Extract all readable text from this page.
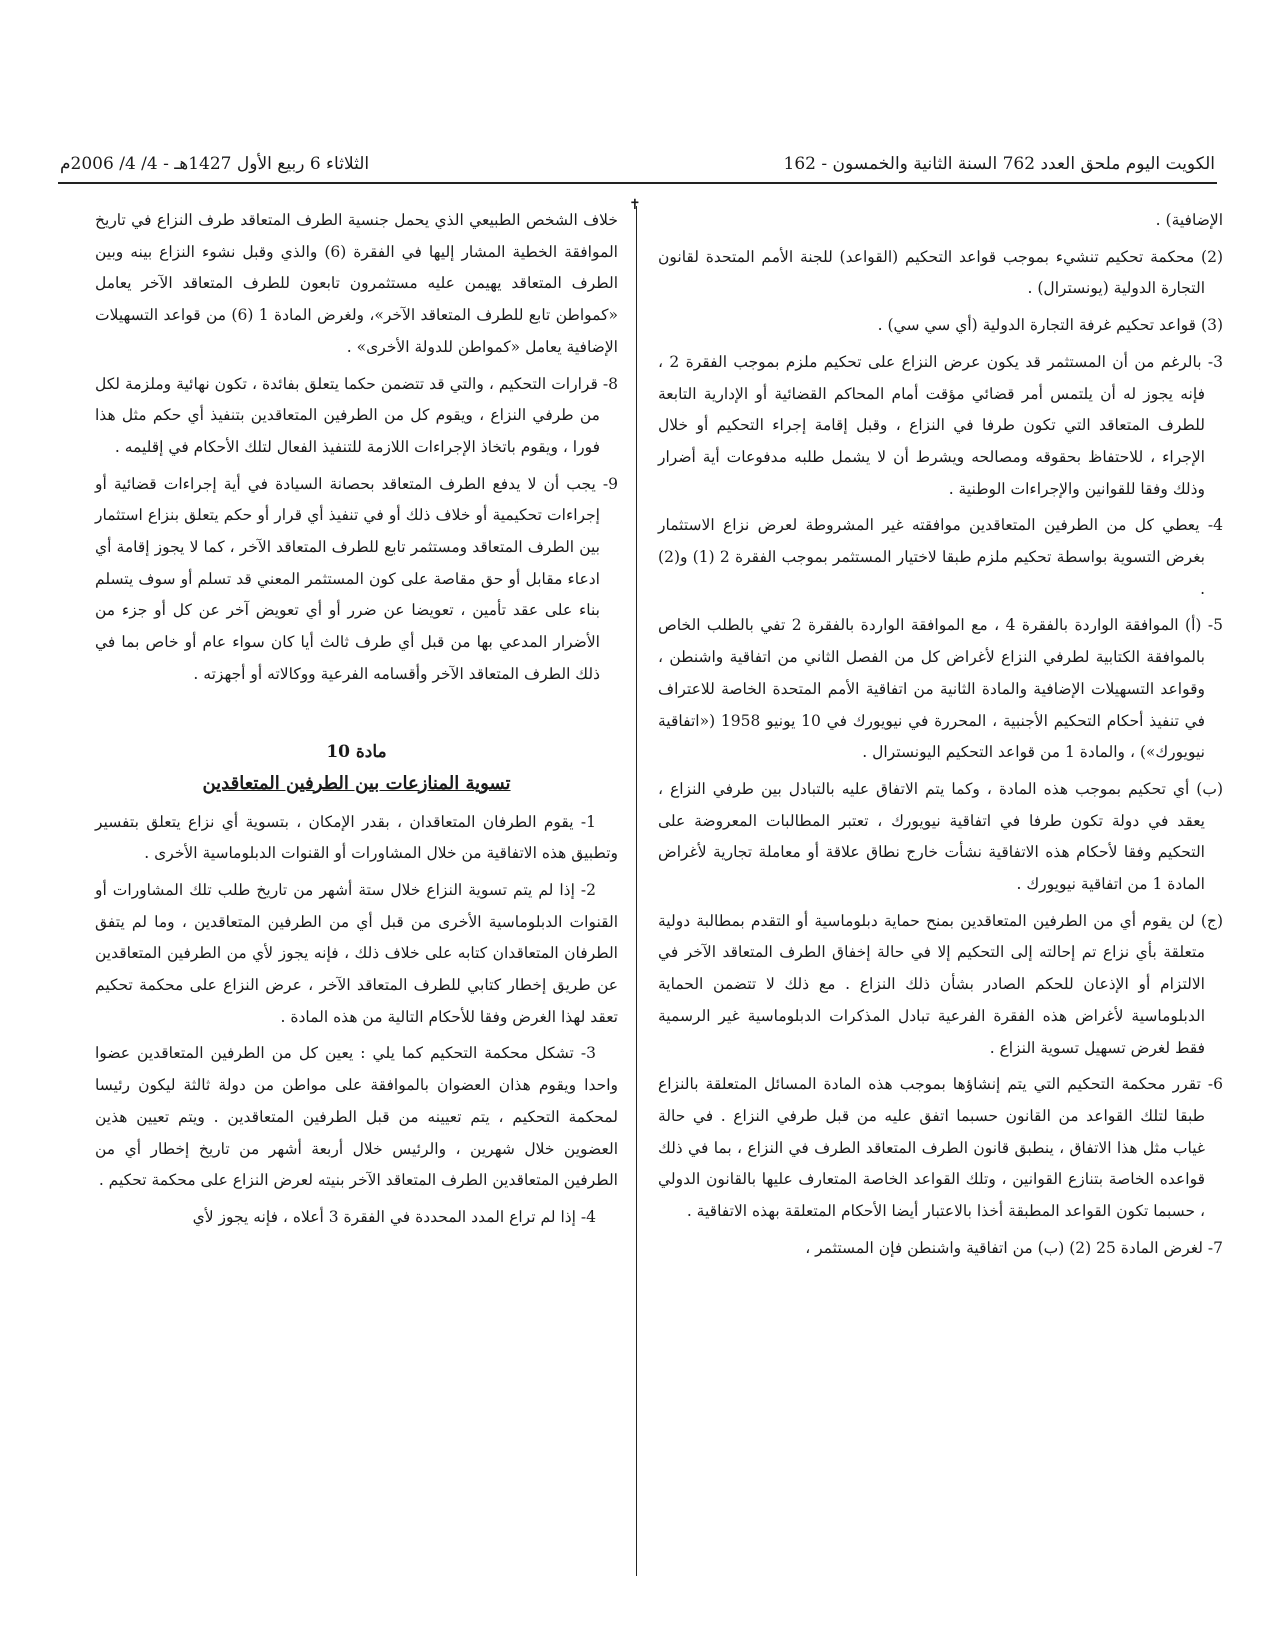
الكويت اليوم ملحق العدد 762 السنة الثانية والخمسون - 162
الثلاثاء 6 ربيع الأول 1427هـ - 4/ 4/ 2006م
✝
الإضافية) .
(2) محكمة تحكيم تنشيء بموجب قواعد التحكيم (القواعد) للجنة الأمم المتحدة لقانون التجارة الدولية (يونسترال) .
(3) قواعد تحكيم غرفة التجارة الدولية (أي سي سي) .
3- بالرغم من أن المستثمر قد يكون عرض النزاع على تحكيم ملزم بموجب الفقرة 2 ، فإنه يجوز له أن يلتمس أمر قضائي مؤقت أمام المحاكم القضائية أو الإدارية التابعة للطرف المتعاقد التي تكون طرفا في النزاع ، وقبل إقامة إجراء التحكيم أو خلال الإجراء ، للاحتفاظ بحقوقه ومصالحه ويشرط أن لا يشمل طلبه مدفوعات أية أضرار وذلك وفقا للقوانين والإجراءات الوطنية .
4- يعطي كل من الطرفين المتعاقدين موافقته غير المشروطة لعرض نزاع الاستثمار بغرض التسوية بواسطة تحكيم ملزم طبقا لاختيار المستثمر بموجب الفقرة 2 (1) و(2) .
5- (أ) الموافقة الواردة بالفقرة 4 ، مع الموافقة الواردة بالفقرة 2 تفي بالطلب الخاص بالموافقة الكتابية لطرفي النزاع لأغراض كل من الفصل الثاني من اتفاقية واشنطن ، وقواعد التسهيلات الإضافية والمادة الثانية من اتفاقية الأمم المتحدة الخاصة للاعتراف في تنفيذ أحكام التحكيم الأجنبية ، المحررة في نيويورك في 10 يونيو 1958 («اتفاقية نيويورك») ، والمادة 1 من قواعد التحكيم اليونسترال .
(ب) أي تحكيم بموجب هذه المادة ، وكما يتم الاتفاق عليه بالتبادل بين طرفي النزاع ، يعقد في دولة تكون طرفا في اتفاقية نيويورك ، تعتبر المطالبات المعروضة على التحكيم وفقا لأحكام هذه الاتفاقية نشأت خارج نطاق علاقة أو معاملة تجارية لأغراض المادة 1 من اتفاقية نيويورك .
(ج) لن يقوم أي من الطرفين المتعاقدين بمنح حماية دبلوماسية أو التقدم بمطالبة دولية متعلقة بأي نزاع تم إحالته إلى التحكيم إلا في حالة إخفاق الطرف المتعاقد الآخر في الالتزام أو الإذعان للحكم الصادر بشأن ذلك النزاع . مع ذلك لا تتضمن الحماية الدبلوماسية لأغراض هذه الفقرة الفرعية تبادل المذكرات الدبلوماسية غير الرسمية فقط لغرض تسهيل تسوية النزاع .
6- تقرر محكمة التحكيم التي يتم إنشاؤها بموجب هذه المادة المسائل المتعلقة بالنزاع طبقا لتلك القواعد من القانون حسبما اتفق عليه من قبل طرفي النزاع . في حالة غياب مثل هذا الاتفاق ، ينطبق قانون الطرف المتعاقد الطرف في النزاع ، بما في ذلك قواعده الخاصة بتنازع القوانين ، وتلك القواعد الخاصة المتعارف عليها بالقانون الدولي ، حسبما تكون القواعد المطبقة أخذا بالاعتبار أيضا الأحكام المتعلقة بهذه الاتفاقية .
7- لغرض المادة 25 (2) (ب) من اتفاقية واشنطن فإن المستثمر ،
خلاف الشخص الطبيعي الذي يحمل جنسية الطرف المتعاقد طرف النزاع في تاريخ الموافقة الخطية المشار إليها في الفقرة (6) والذي وقبل نشوء النزاع بينه وبين الطرف المتعاقد يهيمن عليه مستثمرون تابعون للطرف المتعاقد الآخر يعامل «كمواطن تابع للطرف المتعاقد الآخر»، ولغرض المادة 1 (6) من قواعد التسهيلات الإضافية يعامل «كمواطن للدولة الأخرى» .
8- قرارات التحكيم ، والتي قد تتضمن حكما يتعلق بفائدة ، تكون نهائية وملزمة لكل من طرفي النزاع ، ويقوم كل من الطرفين المتعاقدين بتنفيذ أي حكم مثل هذا فورا ، ويقوم باتخاذ الإجراءات اللازمة للتنفيذ الفعال لتلك الأحكام في إقليمه .
9- يجب أن لا يدفع الطرف المتعاقد بحصانة السيادة في أية إجراءات قضائية أو إجراءات تحكيمية أو خلاف ذلك أو في تنفيذ أي قرار أو حكم يتعلق بنزاع استثمار بين الطرف المتعاقد ومستثمر تابع للطرف المتعاقد الآخر ، كما لا يجوز إقامة أي ادعاء مقابل أو حق مقاصة على كون المستثمر المعني قد تسلم أو سوف يتسلم بناء على عقد تأمين ، تعويضا عن ضرر أو أي تعويض آخر عن كل أو جزء من الأضرار المدعي بها من قبل أي طرف ثالث أيا كان سواء عام أو خاص بما في ذلك الطرف المتعاقد الآخر وأقسامه الفرعية ووكالاته أو أجهزته .
مادة 10
تسوية المنازعات بين الطرفين المتعاقدين
1- يقوم الطرفان المتعاقدان ، بقدر الإمكان ، بتسوية أي نزاع يتعلق بتفسير وتطبيق هذه الاتفاقية من خلال المشاورات أو القنوات الدبلوماسية الأخرى .
2- إذا لم يتم تسوية النزاع خلال ستة أشهر من تاريخ طلب تلك المشاورات أو القنوات الدبلوماسية الأخرى من قبل أي من الطرفين المتعاقدين ، وما لم يتفق الطرفان المتعاقدان كتابه على خلاف ذلك ، فإنه يجوز لأي من الطرفين المتعاقدين عن طريق إخطار كتابي للطرف المتعاقد الآخر ، عرض النزاع على محكمة تحكيم تعقد لهذا الغرض وفقا للأحكام التالية من هذه المادة .
3- تشكل محكمة التحكيم كما يلي : يعين كل من الطرفين المتعاقدين عضوا واحدا ويقوم هذان العضوان بالموافقة على مواطن من دولة ثالثة ليكون رئيسا لمحكمة التحكيم ، يتم تعيينه من قبل الطرفين المتعاقدين . ويتم تعيين هذين العضوين خلال شهرين ، والرئيس خلال أربعة أشهر من تاريخ إخطار أي من الطرفين المتعاقدين الطرف المتعاقد الآخر بنيته لعرض النزاع على محكمة تحكيم .
4- إذا لم تراع المدد المحددة في الفقرة 3 أعلاه ، فإنه يجوز لأي
